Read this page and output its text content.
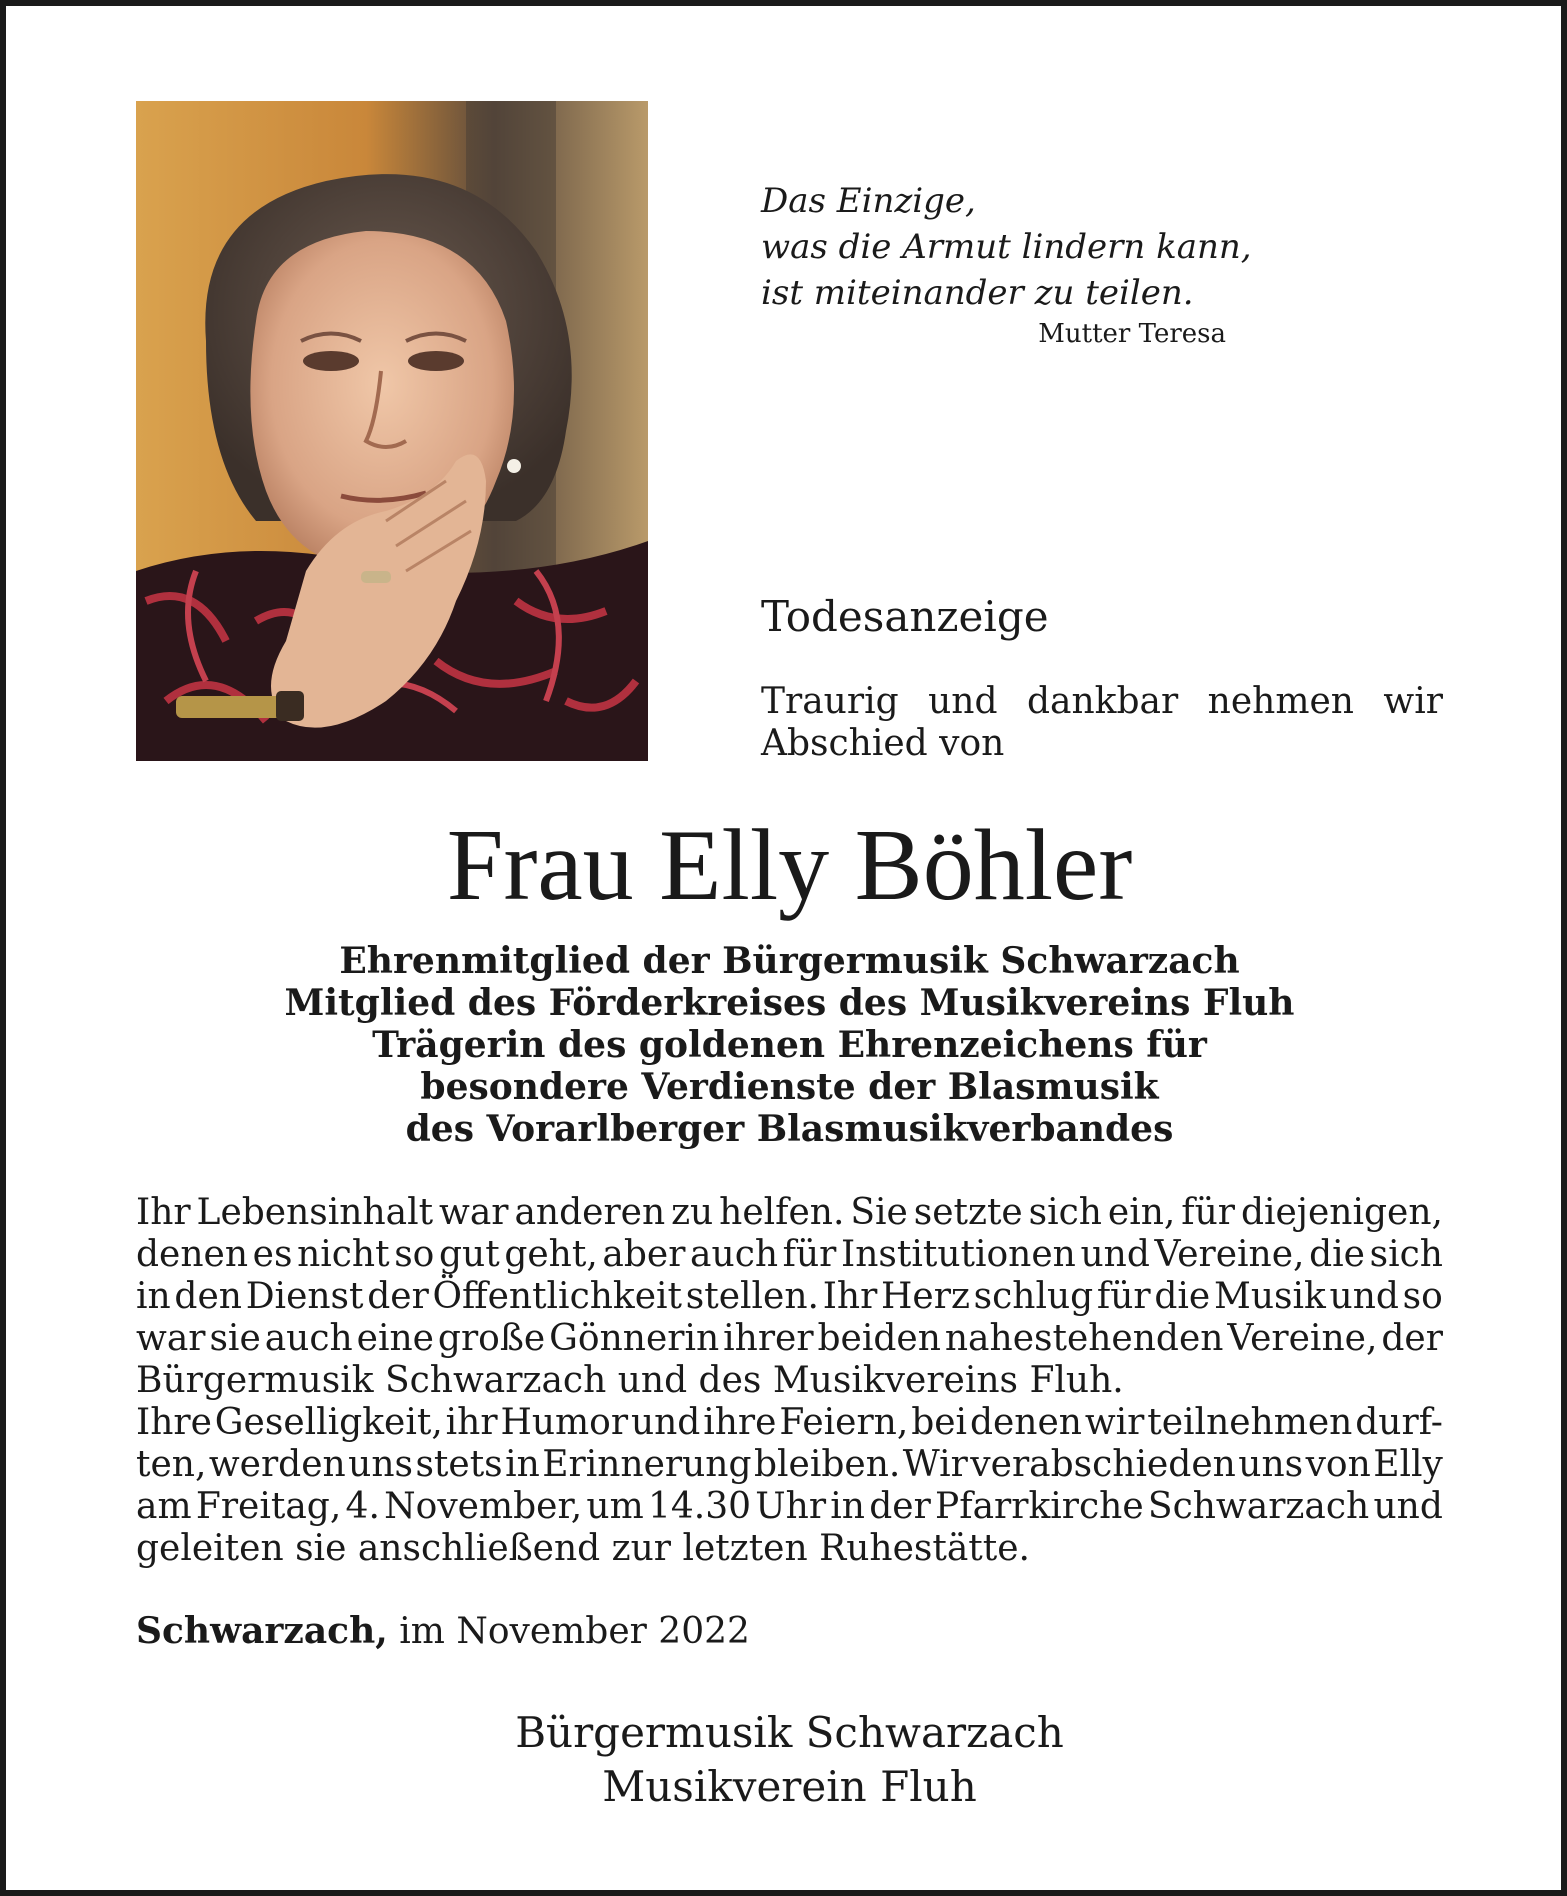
Das Einzige,
was die Armut lindern kann,
ist miteinander zu teilen.
Mutter Teresa
Todesanzeige
Traurig und dankbar nehmen wir
Abschied von
Frau Elly Böhler
Ehrenmitglied der Bürgermusik Schwarzach
Mitglied des Förderkreises des Musikvereins Fluh
Trägerin des goldenen Ehrenzeichens für
besondere Verdienste der Blasmusik
des Vorarlberger Blasmusikverbandes
Ihr Lebensinhalt war anderen zu helfen. Sie setzte sich ein, für diejenigen,
denen es nicht so gut geht, aber auch für Institutionen und Vereine, die sich
in den Dienst der Öffentlichkeit stellen. Ihr Herz schlug für die Musik und so
war sie auch eine große Gönnerin ihrer beiden nahestehenden Vereine, der
Bürgermusik Schwarzach und des Musikvereins Fluh.
Ihre Geselligkeit, ihr Humor und ihre Feiern, bei denen wir teilnehmen durf-
ten, werden uns stets in Erinnerung bleiben. Wir verabschieden uns von Elly
am Freitag, 4. November, um 14.30 Uhr in der Pfarrkirche Schwarzach und
geleiten sie anschließend zur letzten Ruhestätte.
Schwarzach, im November 2022
Bürgermusik Schwarzach
Musikverein Fluh
